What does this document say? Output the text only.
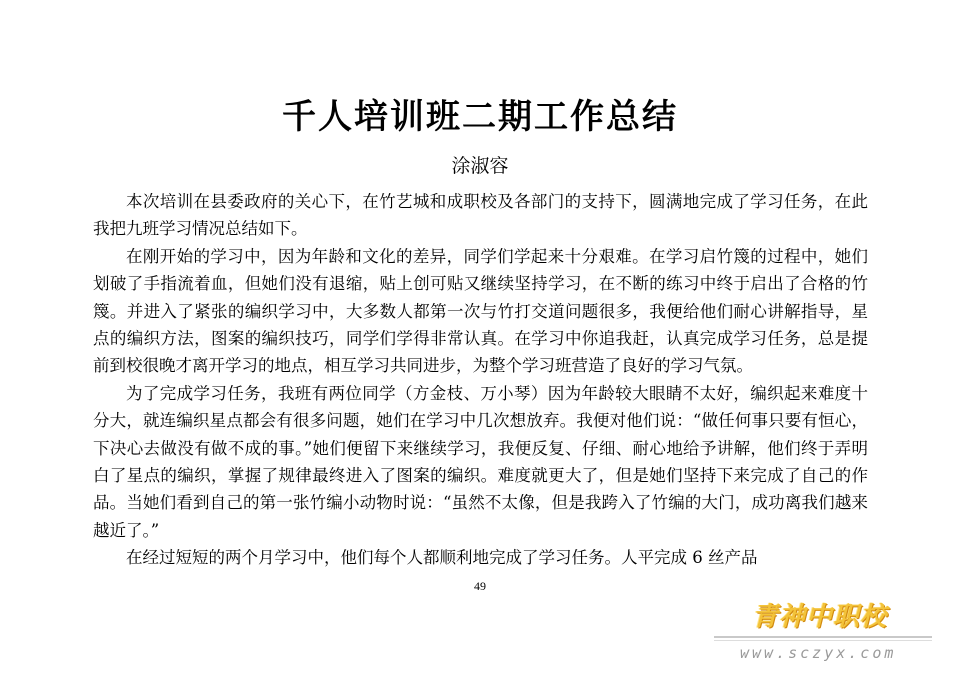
千人培训班二期工作总结
涂淑容

本次培训在县委政府的关心下，在竹艺城和成职校及各部门的支持下，圆满地完成了学习任务，在此我把九班学习情况总结如下。

在刚开始的学习中，因为年龄和文化的差异，同学们学起来十分艰难。在学习启竹篾的过程中，她们划破了手指流着血，但她们没有退缩，贴上创可贴又继续坚持学习，在不断的练习中终于启出了合格的竹篾。并进入了紧张的编织学习中，大多数人都第一次与竹打交道问题很多，我便给他们耐心讲解指导，星点的编织方法，图案的编织技巧，同学们学得非常认真。在学习中你追我赶，认真完成学习任务，总是提前到校很晚才离开学习的地点，相互学习共同进步，为整个学习班营造了良好的学习气氛。

为了完成学习任务，我班有两位同学（方金枝、万小琴）因为年龄较大眼睛不太好，编织起来难度十分大，就连编织星点都会有很多问题，她们在学习中几次想放弃。我便对他们说：“做任何事只要有恒心，下决心去做没有做不成的事。”她们便留下来继续学习，我便反复、仔细、耐心地给予讲解，他们终于弄明白了星点的编织，掌握了规律最终进入了图案的编织。难度就更大了，但是她们坚持下来完成了自己的作品。当她们看到自己的第一张竹编小动物时说：“虽然不太像，但是我跨入了竹编的大门，成功离我们越来越近了。”

在经过短短的两个月学习中，他们每个人都顺利地完成了学习任务。人平完成 6 丝产品

49
青神中职校
www.sczyx.com
